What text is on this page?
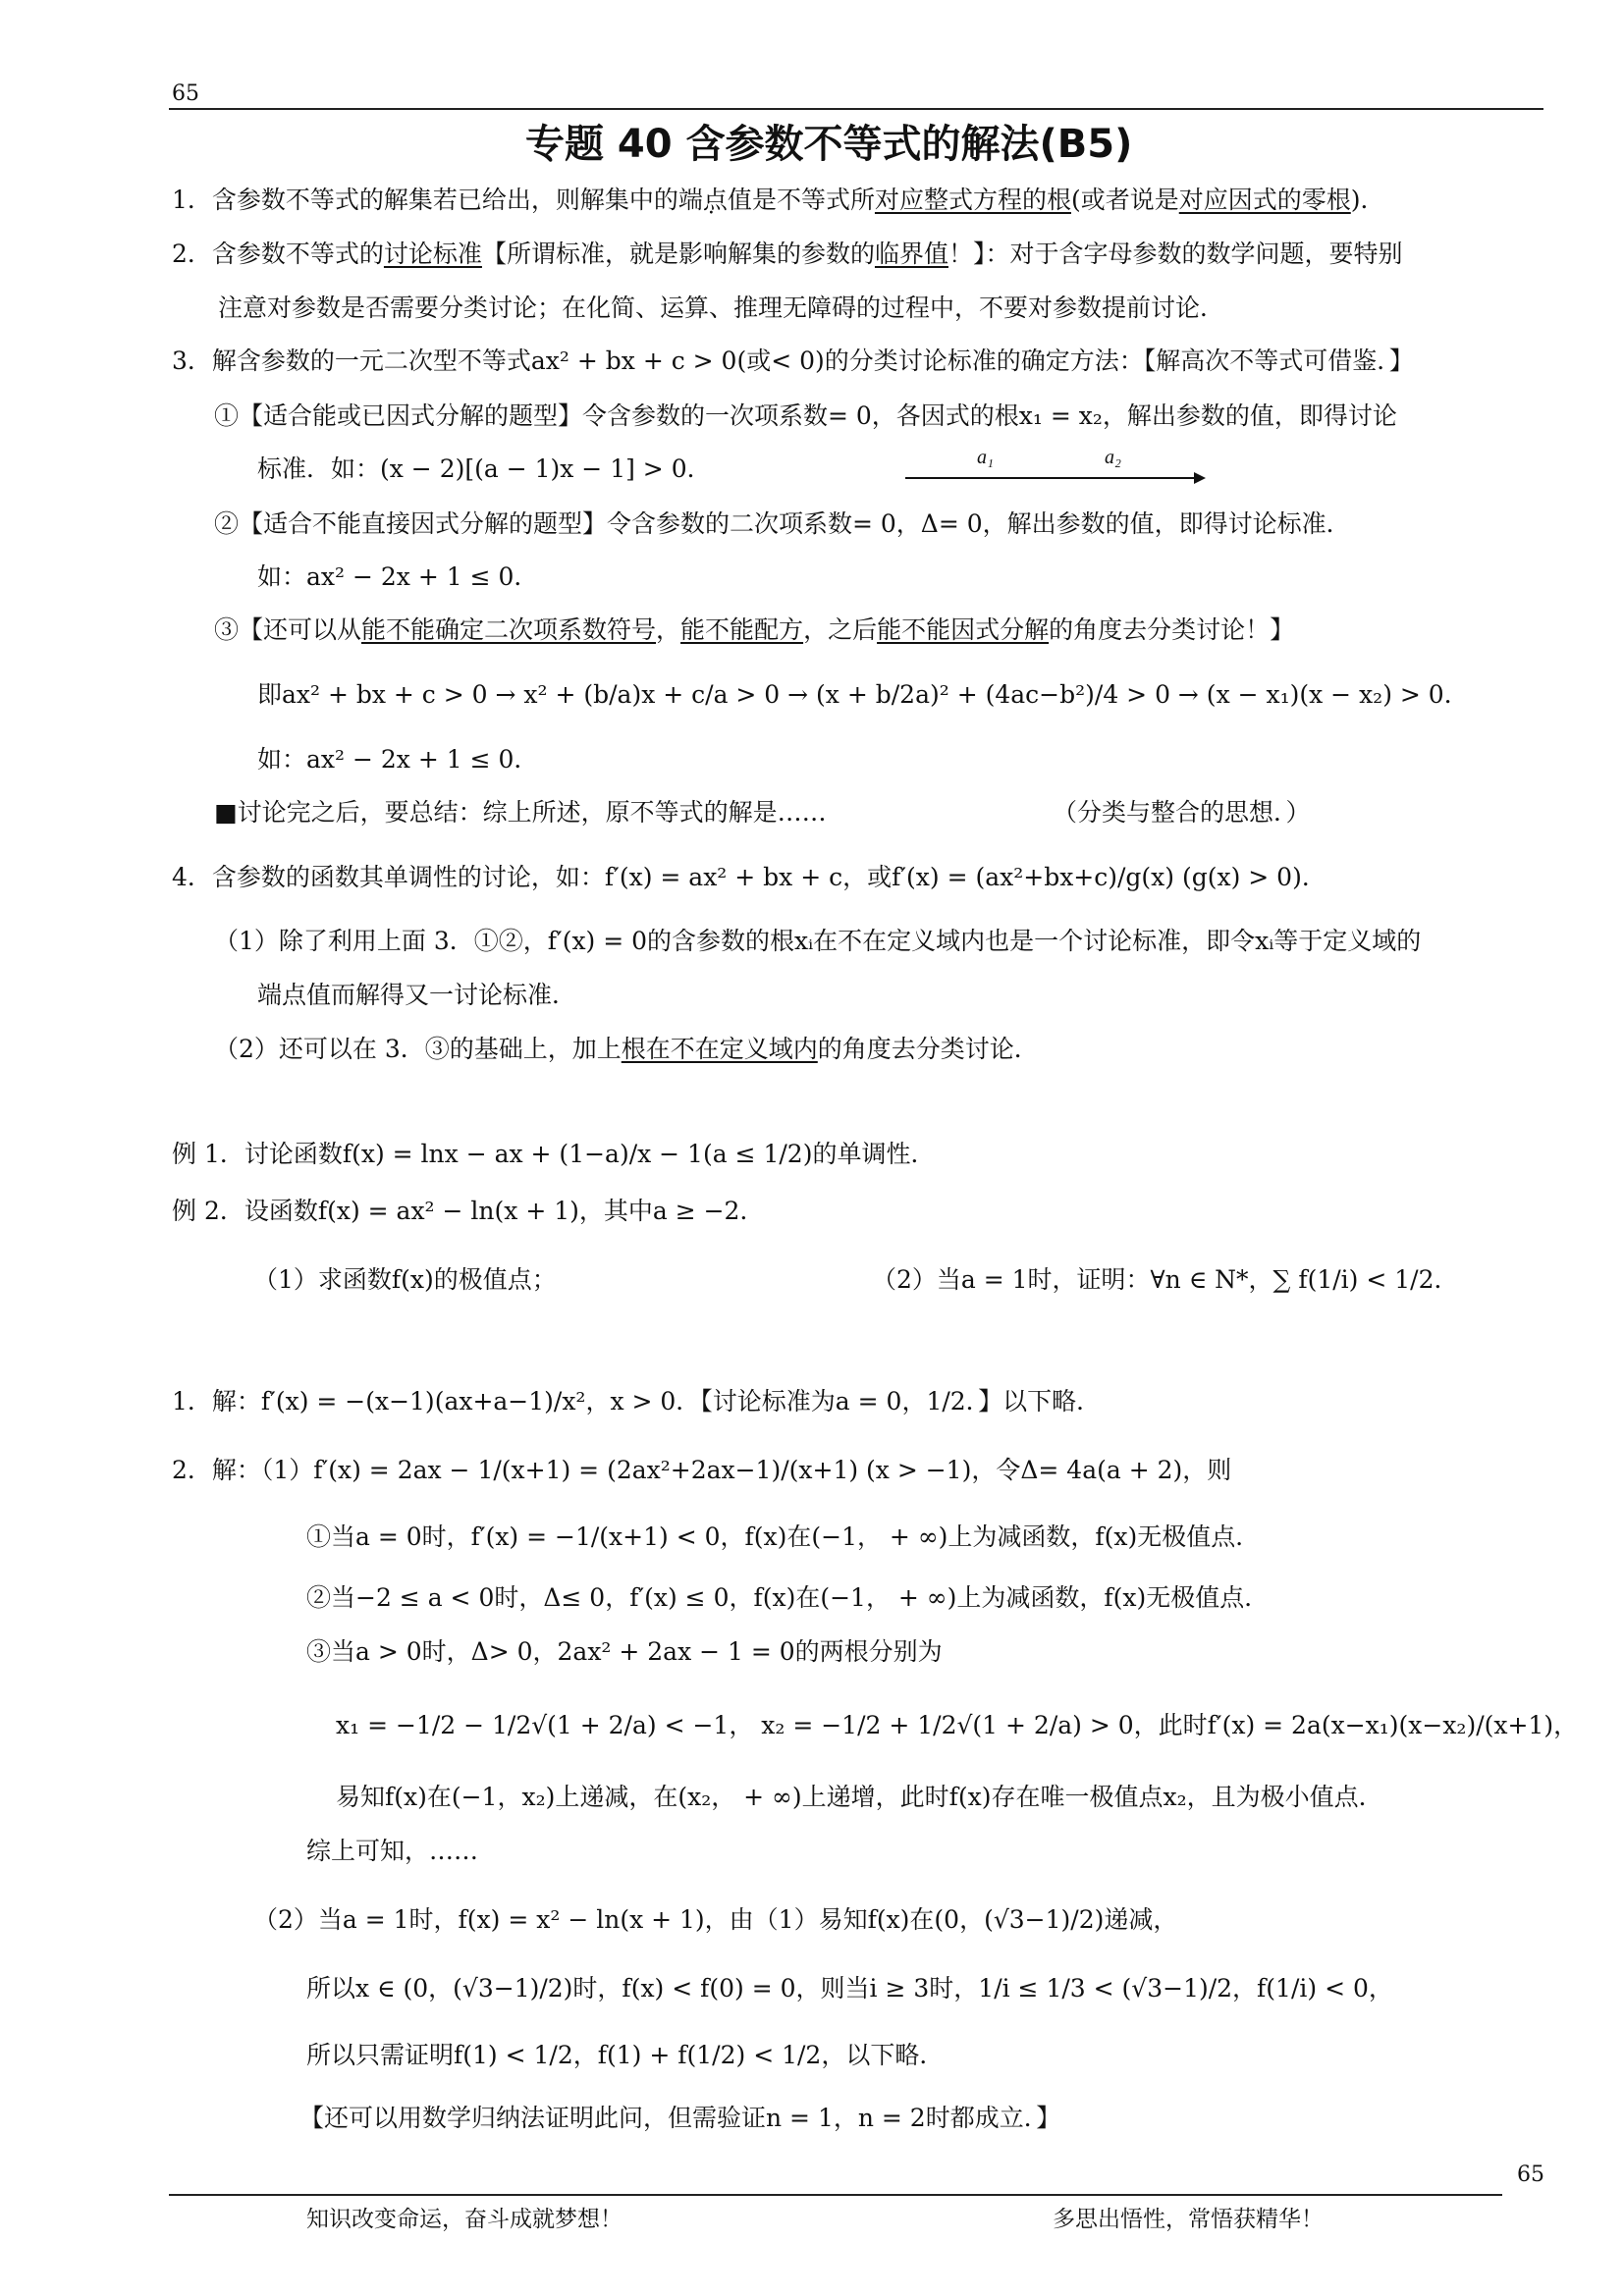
65
专题 40 含参数不等式的解法(B5)
1．含参数不等式的解集若已给出，则解集中的端点值是不等式所对应整式方程的根(或者说是对应因式的零根)．
2．含参数不等式的讨论标准【所谓标准，就是影响解集的参数的临界值！】：对于含字母参数的数学问题，要特别
注意对参数是否需要分类讨论；在化简、运算、推理无障碍的过程中，不要对参数提前讨论．
3．解含参数的一元二次型不等式ax² + bx + c > 0(或< 0)的分类讨论标准的确定方法：【解高次不等式可借鉴．】
①【适合能或已因式分解的题型】令含参数的一次项系数= 0，各因式的根x₁ = x₂，解出参数的值，即得讨论
标准．如：(x − 2)[(a − 1)x − 1] > 0．	a₁	a₂
②【适合不能直接因式分解的题型】令含参数的二次项系数= 0，Δ= 0，解出参数的值，即得讨论标准．
如：ax² − 2x + 1 ≤ 0．
③【还可以从能不能确定二次项系数符号，能不能配方，之后能不能因式分解的角度去分类讨论！】
即ax² + bx + c > 0 → x² + (b/a)x + c/a > 0 → (x + b/2a)² + (4ac−b²)/4 > 0 → (x − x₁)(x − x₂) > 0．
如：ax² − 2x + 1 ≤ 0．
■讨论完之后，要总结：综上所述，原不等式的解是……	（分类与整合的思想．）
4．含参数的函数其单调性的讨论，如：f′(x) = ax² + bx + c，或f′(x) = (ax²+bx+c)/g(x) (g(x) > 0)．
（1）除了利用上面 3．①②，f′(x) = 0的含参数的根xᵢ在不在定义域内也是一个讨论标准，即令xᵢ等于定义域的
端点值而解得又一讨论标准．
（2）还可以在 3．③的基础上，加上根在不在定义域内的角度去分类讨论．
例 1．讨论函数f(x) = lnx − ax + (1−a)/x − 1(a ≤ 1/2)的单调性．
例 2．设函数f(x) = ax² − ln(x + 1)，其中a ≥ −2．
（1）求函数f(x)的极值点；	（2）当a = 1时，证明：∀n ∈ N*，∑ f(1/i) < 1/2．
1．解：f′(x) = −(x−1)(ax+a−1)/x²，x > 0．【讨论标准为a = 0，1/2．】以下略．
2．解：（1）f′(x) = 2ax − 1/(x+1) = (2ax²+2ax−1)/(x+1) (x > −1)，令Δ= 4a(a + 2)，则
①当a = 0时，f′(x) = −1/(x+1) < 0，f(x)在(−1， + ∞)上为减函数，f(x)无极值点．
②当−2 ≤ a < 0时，Δ≤ 0，f′(x) ≤ 0，f(x)在(−1， + ∞)上为减函数，f(x)无极值点．
③当a > 0时，Δ> 0，2ax² + 2ax − 1 = 0的两根分别为
x₁ = −1/2 − 1/2√(1 + 2/a) < −1， x₂ = −1/2 + 1/2√(1 + 2/a) > 0，此时f′(x) = 2a(x−x₁)(x−x₂)/(x+1)，
易知f(x)在(−1，x₂)上递减，在(x₂， + ∞)上递增，此时f(x)存在唯一极值点x₂，且为极小值点．
综上可知，……
（2）当a = 1时，f(x) = x² − ln(x + 1)，由（1）易知f(x)在(0，(√3−1)/2)递减，
所以x ∈ (0，(√3−1)/2)时，f(x) < f(0) = 0，则当i ≥ 3时，1/i ≤ 1/3 < (√3−1)/2，f(1/i) < 0，
所以只需证明f(1) < 1/2，f(1) + f(1/2) < 1/2，以下略．
【还可以用数学归纳法证明此问，但需验证n = 1，n = 2时都成立．】
65
知识改变命运，奋斗成就梦想！	多思出悟性，常悟获精华！
